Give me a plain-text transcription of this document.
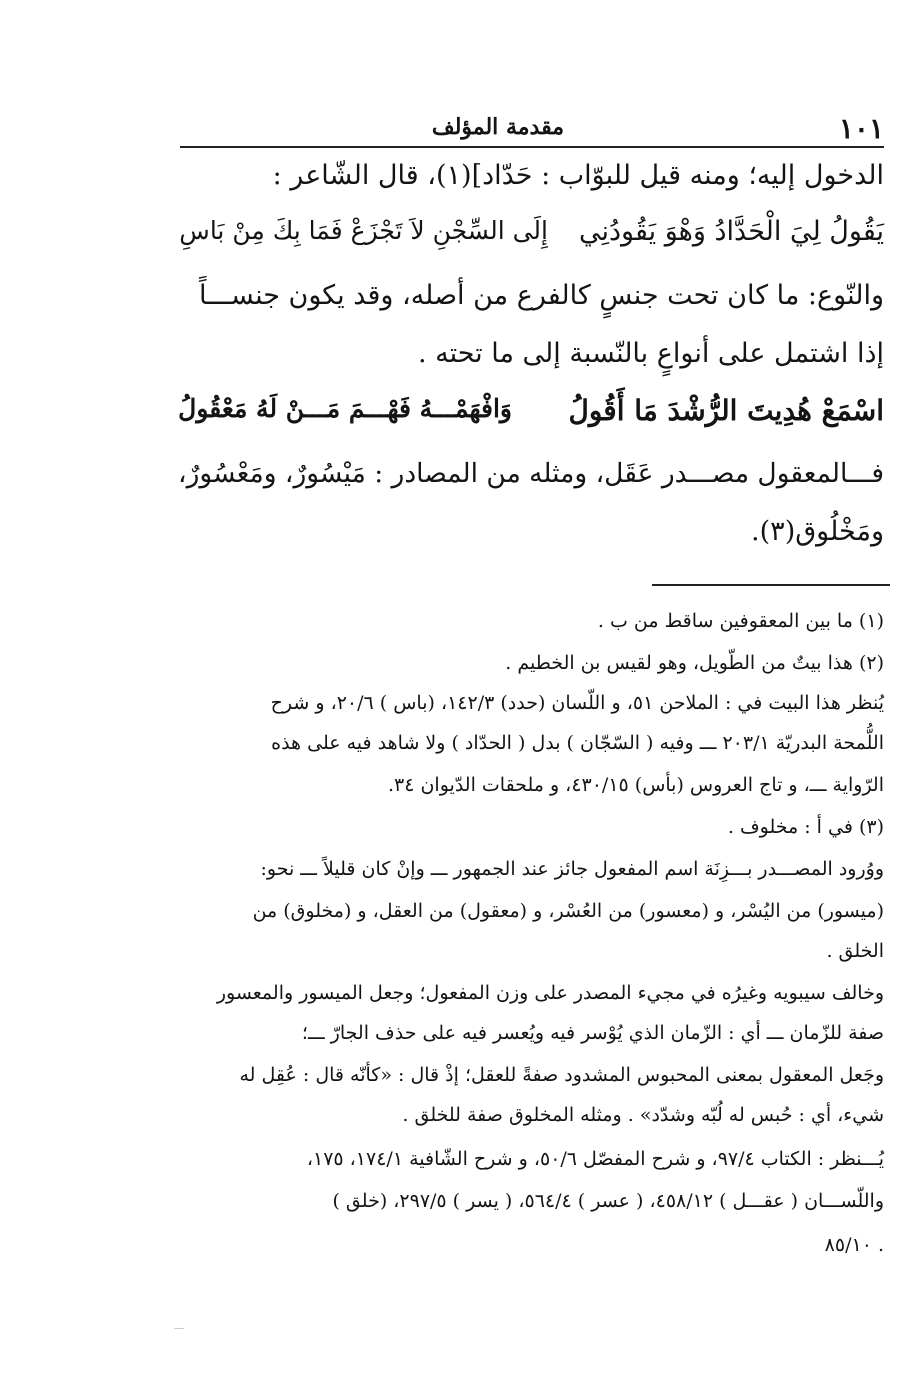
١٠١
مقدمة المؤلف
الدخول إليه؛ ومنه قيل للبوّاب : حَدّاد](١)، قال الشّاعر :
يَقُولُ لِيَ الْحَدَّادُ وَهْوَ يَقُودُنِي
إِلَى السِّجْنِ لاَ تَجْزَعْ فَمَا بِكَ مِنْ بَاسِ
والنّوع: ما كان تحت جنسٍ كالفرع من أصله، وقد يكون جنســـاً
إذا اشتمل على أنواعٍ بالنّسبة إلى ما تحته .
اسْمَعْ هُدِيتَ الرُّشْدَ مَا أَقُولُ
وَافْهَمْـــهُ فَهْـــمَ مَـــنْ لَهُ مَعْقُولُ
فـــالمعقول مصـــدر عَقَل، ومثله من المصادر : مَيْسُورٌ، ومَعْسُورٌ،
ومَخْلُوق(٣).
(١) ما بين المعقوفين ساقط من ب .
(٢) هذا بيتٌ من الطّويل، وهو لقيس بن الخطيم .
يُنظر هذا البيت في : الملاحن ٥١، و اللّسان (حدد) ١٤٢/٣، (باس ) ٢٠/٦، و شرح
اللُّمحة البدريّة ٢٠٣/١ ـــ وفيه ( السّجّان ) بدل ( الحدّاد ) ولا شاهد فيه على هذه
الرّواية ـــ، و تاج العروس (بأس) ٤٣٠/١٥، و ملحقات الدّيوان ٣٤.
(٣) في أ : مخلوف .
ووُرود المصـــدر بـــزِنَة اسم المفعول جائز عند الجمهور ـــ وإنْ كان قليلاً ـــ نحو:
(ميسور) من اليُسْر، و (معسور) من العُسْر، و (معقول) من العقل، و (مخلوق) من
الخلق .
وخالف سيبويه وغيرُه في مجيء المصدر على وزن المفعول؛ وجعل الميسور والمعسور
صفة للزّمان ـــ أي : الزّمان الذي يُوْسر فيه ويُعسر فيه على حذف الجارّ ـــ؛
وجَعل المعقول بمعنى المحبوس المشدود صفةً للعقل؛ إذْ قال : «كأنّه قال : عُقِل له
شيء، أي : حُبس له لُبّه وشدّد» . ومثله المخلوق صفة للخلق .
يُـــنظر : الكتاب ٩٧/٤، و شرح المفصّل ٥٠/٦، و شرح الشّافية ١٧٤/١، ١٧٥،
واللّســـان ( عقـــل ) ٤٥٨/١٢، ( عسر ) ٥٦٤/٤، ( يسر ) ٢٩٧/٥، (خلق )
. ٨٥/١٠
